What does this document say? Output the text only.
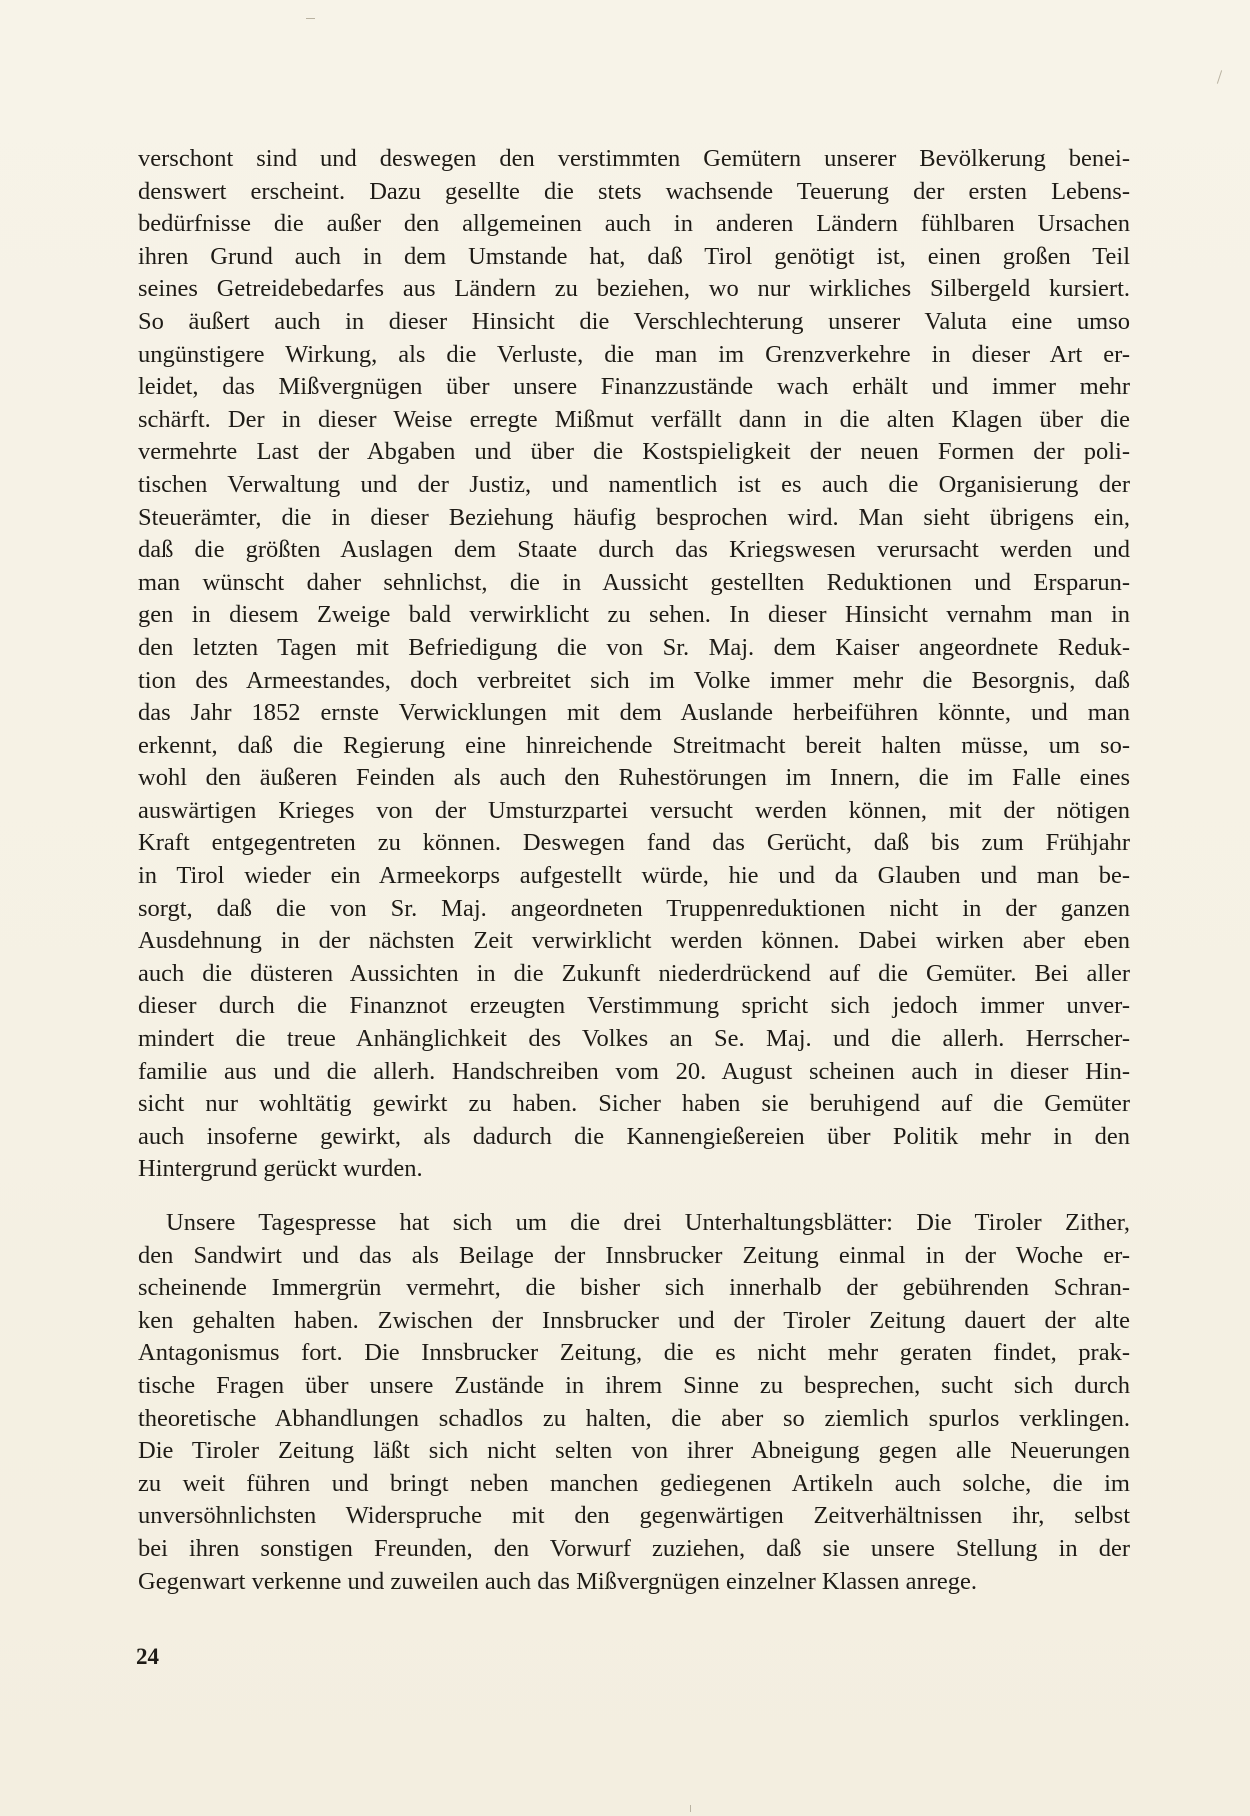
verschont sind und deswegen den verstimmten Gemütern unserer Bevölkerung benei-
denswert erscheint. Dazu gesellte die stets wachsende Teuerung der ersten Lebens-
bedürfnisse die außer den allgemeinen auch in anderen Ländern fühlbaren Ursachen
ihren Grund auch in dem Umstande hat, daß Tirol genötigt ist, einen großen Teil
seines Getreidebedarfes aus Ländern zu beziehen, wo nur wirkliches Silbergeld kursiert.
So äußert auch in dieser Hinsicht die Verschlechterung unserer Valuta eine umso
ungünstigere Wirkung, als die Verluste, die man im Grenzverkehre in dieser Art er-
leidet, das Mißvergnügen über unsere Finanzzustände wach erhält und immer mehr
schärft. Der in dieser Weise erregte Mißmut verfällt dann in die alten Klagen über die
vermehrte Last der Abgaben und über die Kostspieligkeit der neuen Formen der poli-
tischen Verwaltung und der Justiz, und namentlich ist es auch die Organisierung der
Steuerämter, die in dieser Beziehung häufig besprochen wird. Man sieht übrigens ein,
daß die größten Auslagen dem Staate durch das Kriegswesen verursacht werden und
man wünscht daher sehnlichst, die in Aussicht gestellten Reduktionen und Ersparun-
gen in diesem Zweige bald verwirklicht zu sehen. In dieser Hinsicht vernahm man in
den letzten Tagen mit Befriedigung die von Sr. Maj. dem Kaiser angeordnete Reduk-
tion des Armeestandes, doch verbreitet sich im Volke immer mehr die Besorgnis, daß
das Jahr 1852 ernste Verwicklungen mit dem Auslande herbeiführen könnte, und man
erkennt, daß die Regierung eine hinreichende Streitmacht bereit halten müsse, um so-
wohl den äußeren Feinden als auch den Ruhestörungen im Innern, die im Falle eines
auswärtigen Krieges von der Umsturzpartei versucht werden können, mit der nötigen
Kraft entgegentreten zu können. Deswegen fand das Gerücht, daß bis zum Frühjahr
in Tirol wieder ein Armeekorps aufgestellt würde, hie und da Glauben und man be-
sorgt, daß die von Sr. Maj. angeordneten Truppenreduktionen nicht in der ganzen
Ausdehnung in der nächsten Zeit verwirklicht werden können. Dabei wirken aber eben
auch die düsteren Aussichten in die Zukunft niederdrückend auf die Gemüter. Bei aller
dieser durch die Finanznot erzeugten Verstimmung spricht sich jedoch immer unver-
mindert die treue Anhänglichkeit des Volkes an Se. Maj. und die allerh. Herrscher-
familie aus und die allerh. Handschreiben vom 20. August scheinen auch in dieser Hin-
sicht nur wohltätig gewirkt zu haben. Sicher haben sie beruhigend auf die Gemüter
auch insoferne gewirkt, als dadurch die Kannengießereien über Politik mehr in den
Hintergrund gerückt wurden.
Unsere Tagespresse hat sich um die drei Unterhaltungsblätter: Die Tiroler Zither,
den Sandwirt und das als Beilage der Innsbrucker Zeitung einmal in der Woche er-
scheinende Immergrün vermehrt, die bisher sich innerhalb der gebührenden Schran-
ken gehalten haben. Zwischen der Innsbrucker und der Tiroler Zeitung dauert der alte
Antagonismus fort. Die Innsbrucker Zeitung, die es nicht mehr geraten findet, prak-
tische Fragen über unsere Zustände in ihrem Sinne zu besprechen, sucht sich durch
theoretische Abhandlungen schadlos zu halten, die aber so ziemlich spurlos verklingen.
Die Tiroler Zeitung läßt sich nicht selten von ihrer Abneigung gegen alle Neuerungen
zu weit führen und bringt neben manchen gediegenen Artikeln auch solche, die im
unversöhnlichsten Widerspruche mit den gegenwärtigen Zeitverhältnissen ihr, selbst
bei ihren sonstigen Freunden, den Vorwurf zuziehen, daß sie unsere Stellung in der
Gegenwart verkenne und zuweilen auch das Mißvergnügen einzelner Klassen anrege.
24
